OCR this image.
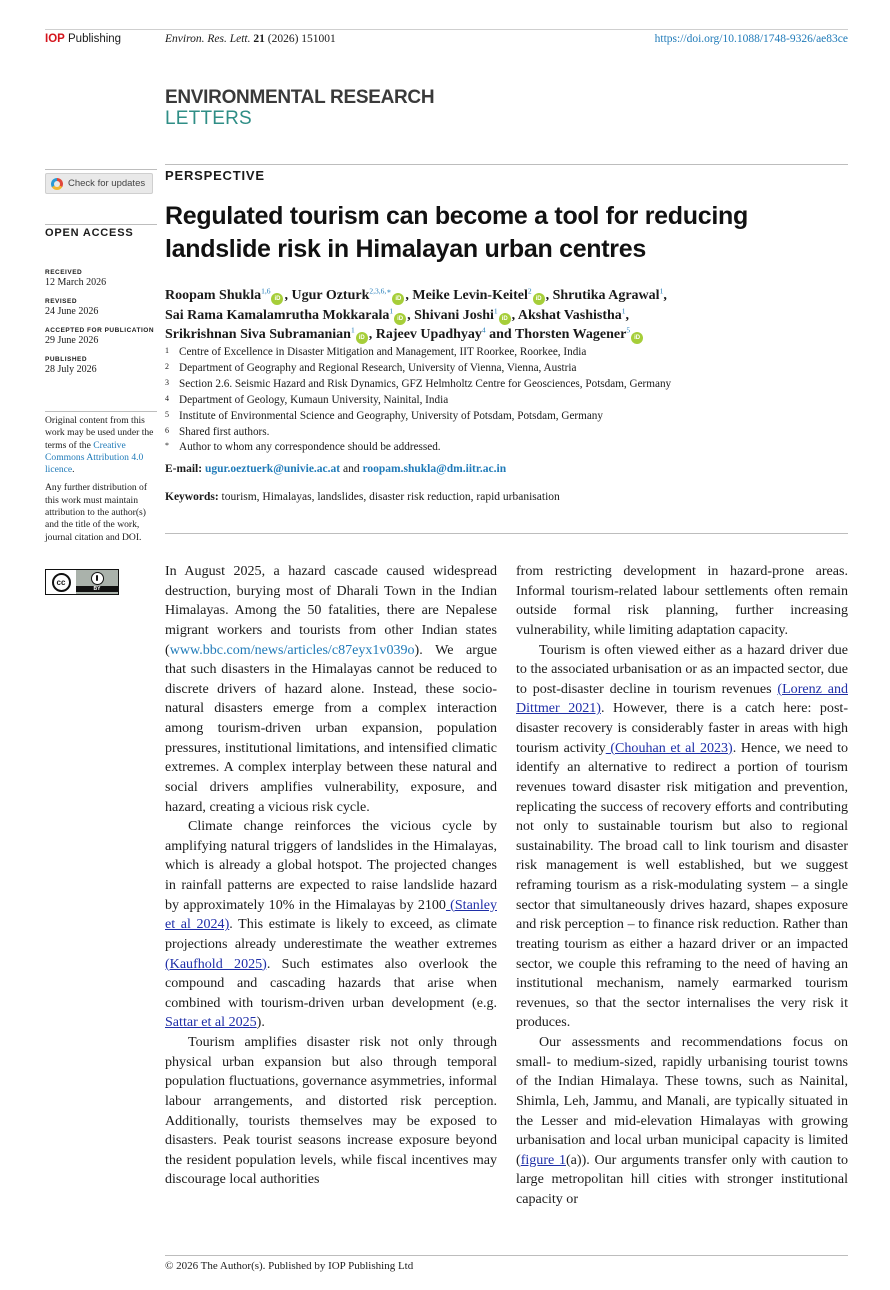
IOP Publishing	Environ. Res. Lett. 21 (2026) 151001	https://doi.org/10.1088/1748-9326/ae83ce
ENVIRONMENTAL RESEARCH
LETTERS
Check for updates
OPEN ACCESS
RECEIVED
12 March 2026
REVISED
24 June 2026
ACCEPTED FOR PUBLICATION
29 June 2026
PUBLISHED
28 July 2026

Original content from this work may be used under the terms of the Creative Commons Attribution 4.0 licence.

Any further distribution of this work must maintain attribution to the author(s) and the title of the work, journal citation and DOI.

cc
BY
PERSPECTIVE
Regulated tourism can become a tool for reducing landslide risk in Himalayan urban centres
Roopam Shukla$^{1,6}$iD , Ugur Ozturk$^{2,3,6,∗}$iD , Meike Levin-Keitel$^2$iD , Shrutika Agrawal$^1$,
Sai Rama Kamalamrutha Mokkarala$^1$iD , Shivani Joshi$^1$iD , Akshat Vashistha$^1$,
Srikrishnan Siva Subramanian$^1$iD , Rajeev Upadhyay$^4$ and Thorsten Wagener$^5$iD
1 Centre of Excellence in Disaster Mitigation and Management, IIT Roorkee, Roorkee, India
2 Department of Geography and Regional Research, University of Vienna, Vienna, Austria
3 Section 2.6. Seismic Hazard and Risk Dynamics, GFZ Helmholtz Centre for Geosciences, Potsdam, Germany
4 Department of Geology, Kumaun University, Nainital, India
5 Institute of Environmental Science and Geography, University of Potsdam, Potsdam, Germany
6 Shared first authors.
* Author to whom any correspondence should be addressed.
E-mail: ugur.oeztuerk@univie.ac.at and roopam.shukla@dm.iitr.ac.in
Keywords: tourism, Himalayas, landslides, disaster risk reduction, rapid urbanisation

In August 2025, a hazard cascade caused widespread destruction, burying most of Dharali Town in the Indian Himalayas. Among the 50 fatalities, there are Nepalese migrant workers and tourists from other Indian states (www.bbc.com/news/articles/c87eyx1v039o). We argue that such disasters in the Himalayas cannot be reduced to discrete drivers of hazard alone. Instead, these socio-natural disasters emerge from a complex interaction among tourism-driven urban expansion, population pressures, institutional limitations, and intensified climatic extremes. A complex interplay between these natural and social drivers amplifies vulnerability, exposure, and hazard, creating a vicious risk cycle.

Climate change reinforces the vicious cycle by amplifying natural triggers of landslides in the Himalayas, which is already a global hotspot. The projected changes in rainfall patterns are expected to raise landslide hazard by approximately 10% in the Himalayas by 2100 (Stanley et al 2024). This estimate is likely to exceed, as climate projections already underestimate the weather extremes (Kaufhold 2025). Such estimates also overlook the compound and cascading hazards that arise when combined with tourism-driven urban development (e.g. Sattar et al 2025).

Tourism amplifies disaster risk not only through physical urban expansion but also through temporal population fluctuations, governance asymmetries, informal labour arrangements, and distorted risk perception. Additionally, tourists themselves may be exposed to disasters. Peak tourist seasons increase exposure beyond the resident population levels, while fiscal incentives may discourage local authorities

from restricting development in hazard-prone areas. Informal tourism-related labour settlements often remain outside formal risk planning, further increasing vulnerability, while limiting adaptation capacity.

Tourism is often viewed either as a hazard driver due to the associated urbanisation or as an impacted sector, due to post-disaster decline in tourism revenues (Lorenz and Dittmer 2021). However, there is a catch here: post-disaster recovery is considerably faster in areas with high tourism activity (Chouhan et al 2023). Hence, we need to identify an alternative to redirect a portion of tourism revenues toward disaster risk mitigation and prevention, replicating the success of recovery efforts and contributing not only to sustainable tourism but also to regional sustainability. The broad call to link tourism and disaster risk management is well established, but we suggest reframing tourism as a risk-modulating system – a single sector that simultaneously drives hazard, shapes exposure and risk perception – to finance risk reduction. Rather than treating tourism as either a hazard driver or an impacted sector, we couple this reframing to the need of having an institutional mechanism, namely earmarked tourism revenues, so that the sector internalises the very risk it produces.

Our assessments and recommendations focus on small- to medium-sized, rapidly urbanising tourist towns of the Indian Himalaya. These towns, such as Nainital, Shimla, Leh, Jammu, and Manali, are typically situated in the Lesser and mid-elevation Himalayas with growing urbanisation and local urban municipal capacity is limited (figure 1(a)). Our arguments transfer only with caution to large metropolitan hill cities with stronger institutional capacity or

© 2026 The Author(s). Published by IOP Publishing Ltd
